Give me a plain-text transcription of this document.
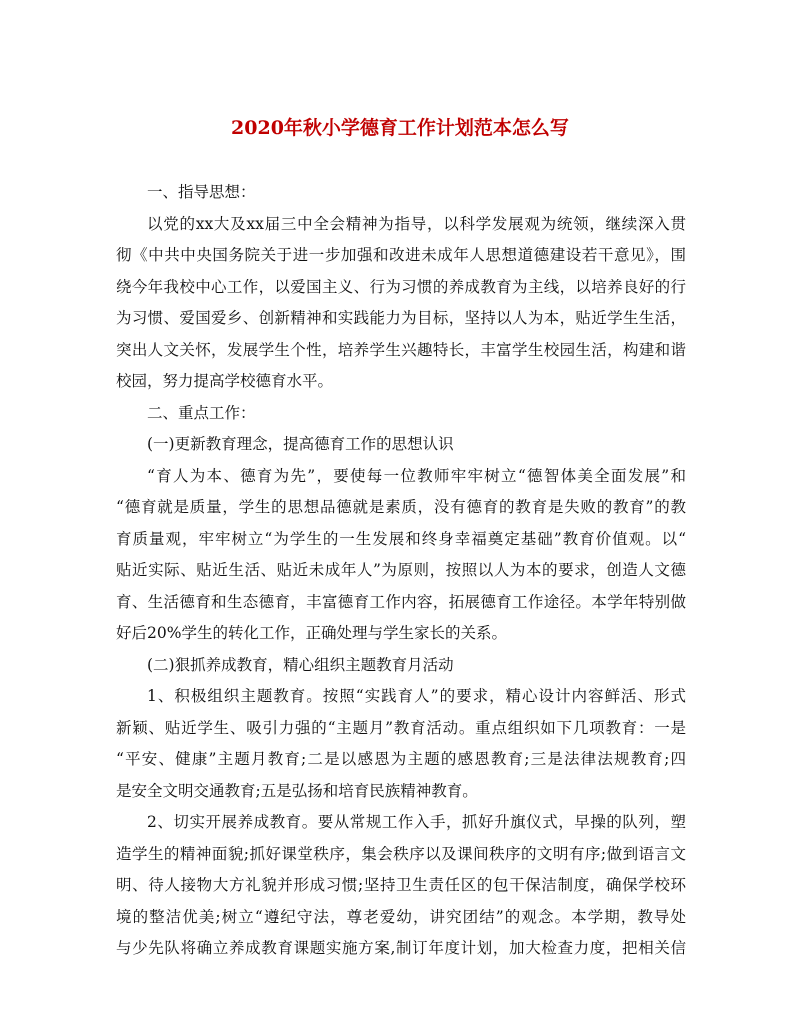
2020年秋小学德育工作计划范本怎么写
一、指导思想：
以党的xx大及xx届三中全会精神为指导，以科学发展观为统领，继续深入贯
彻《中共中央国务院关于进一步加强和改进未成年人思想道德建设若干意见》，围
绕今年我校中心工作，以爱国主义、行为习惯的养成教育为主线，以培养良好的行
为习惯、爱国爱乡、创新精神和实践能力为目标，坚持以人为本，贴近学生生活，
突出人文关怀，发展学生个性，培养学生兴趣特长，丰富学生校园生活，构建和谐
校园，努力提高学校德育水平。
二、重点工作：
(一)更新教育理念，提高德育工作的思想认识
“育人为本、德育为先”，要使每一位教师牢牢树立“德智体美全面发展”和
“德育就是质量，学生的思想品德就是素质，没有德育的教育是失败的教育”的教
育质量观，牢牢树立“为学生的一生发展和终身幸福奠定基础”教育价值观。以“
贴近实际、贴近生活、贴近未成年人”为原则，按照以人为本的要求，创造人文德
育、生活德育和生态德育，丰富德育工作内容，拓展德育工作途径。本学年特别做
好后20%学生的转化工作，正确处理与学生家长的关系。
(二)狠抓养成教育，精心组织主题教育月活动
1、积极组织主题教育。按照“实践育人”的要求，精心设计内容鲜活、形式
新颖、贴近学生、吸引力强的“主题月”教育活动。重点组织如下几项教育：一是
“平安、健康”主题月教育;二是以感恩为主题的感恩教育;三是法律法规教育;四
是安全文明交通教育;五是弘扬和培育民族精神教育。
2、切实开展养成教育。要从常规工作入手，抓好升旗仪式，早操的队列，塑
造学生的精神面貌;抓好课堂秩序，集会秩序以及课间秩序的文明有序;做到语言文
明、待人接物大方礼貌并形成习惯;坚持卫生责任区的包干保洁制度，确保学校环
境的整洁优美;树立“遵纪守法，尊老爱幼，讲究团结”的观念。本学期，教导处
与少先队将确立养成教育课题实施方案,制订年度计划，加大检查力度，把相关信
